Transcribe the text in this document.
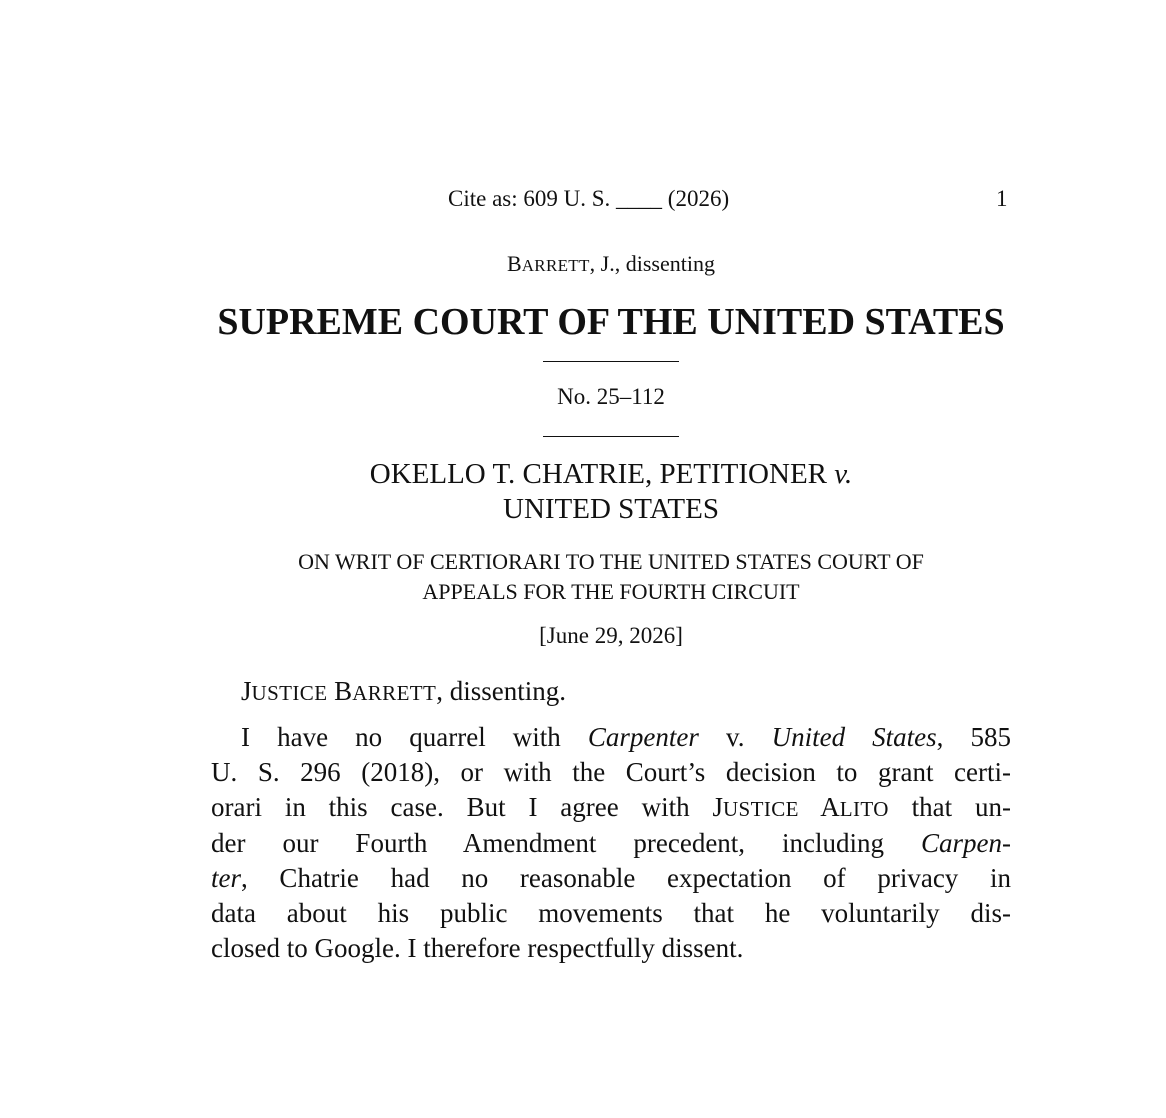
Cite as: 609 U. S. ____ (2026)	1
BARRETT, J., dissenting
SUPREME COURT OF THE UNITED STATES
No. 25–112
OKELLO T. CHATRIE, PETITIONER v.
UNITED STATES
ON WRIT OF CERTIORARI TO THE UNITED STATES COURT OF
APPEALS FOR THE FOURTH CIRCUIT
[June 29, 2026]
JUSTICE BARRETT, dissenting.
I have no quarrel with Carpenter v. United States, 585
U. S. 296 (2018), or with the Court’s decision to grant certi-
orari in this case. But I agree with JUSTICE ALITO that un-
der our Fourth Amendment precedent, including Carpen-
ter, Chatrie had no reasonable expectation of privacy in
data about his public movements that he voluntarily dis-
closed to Google. I therefore respectfully dissent.
